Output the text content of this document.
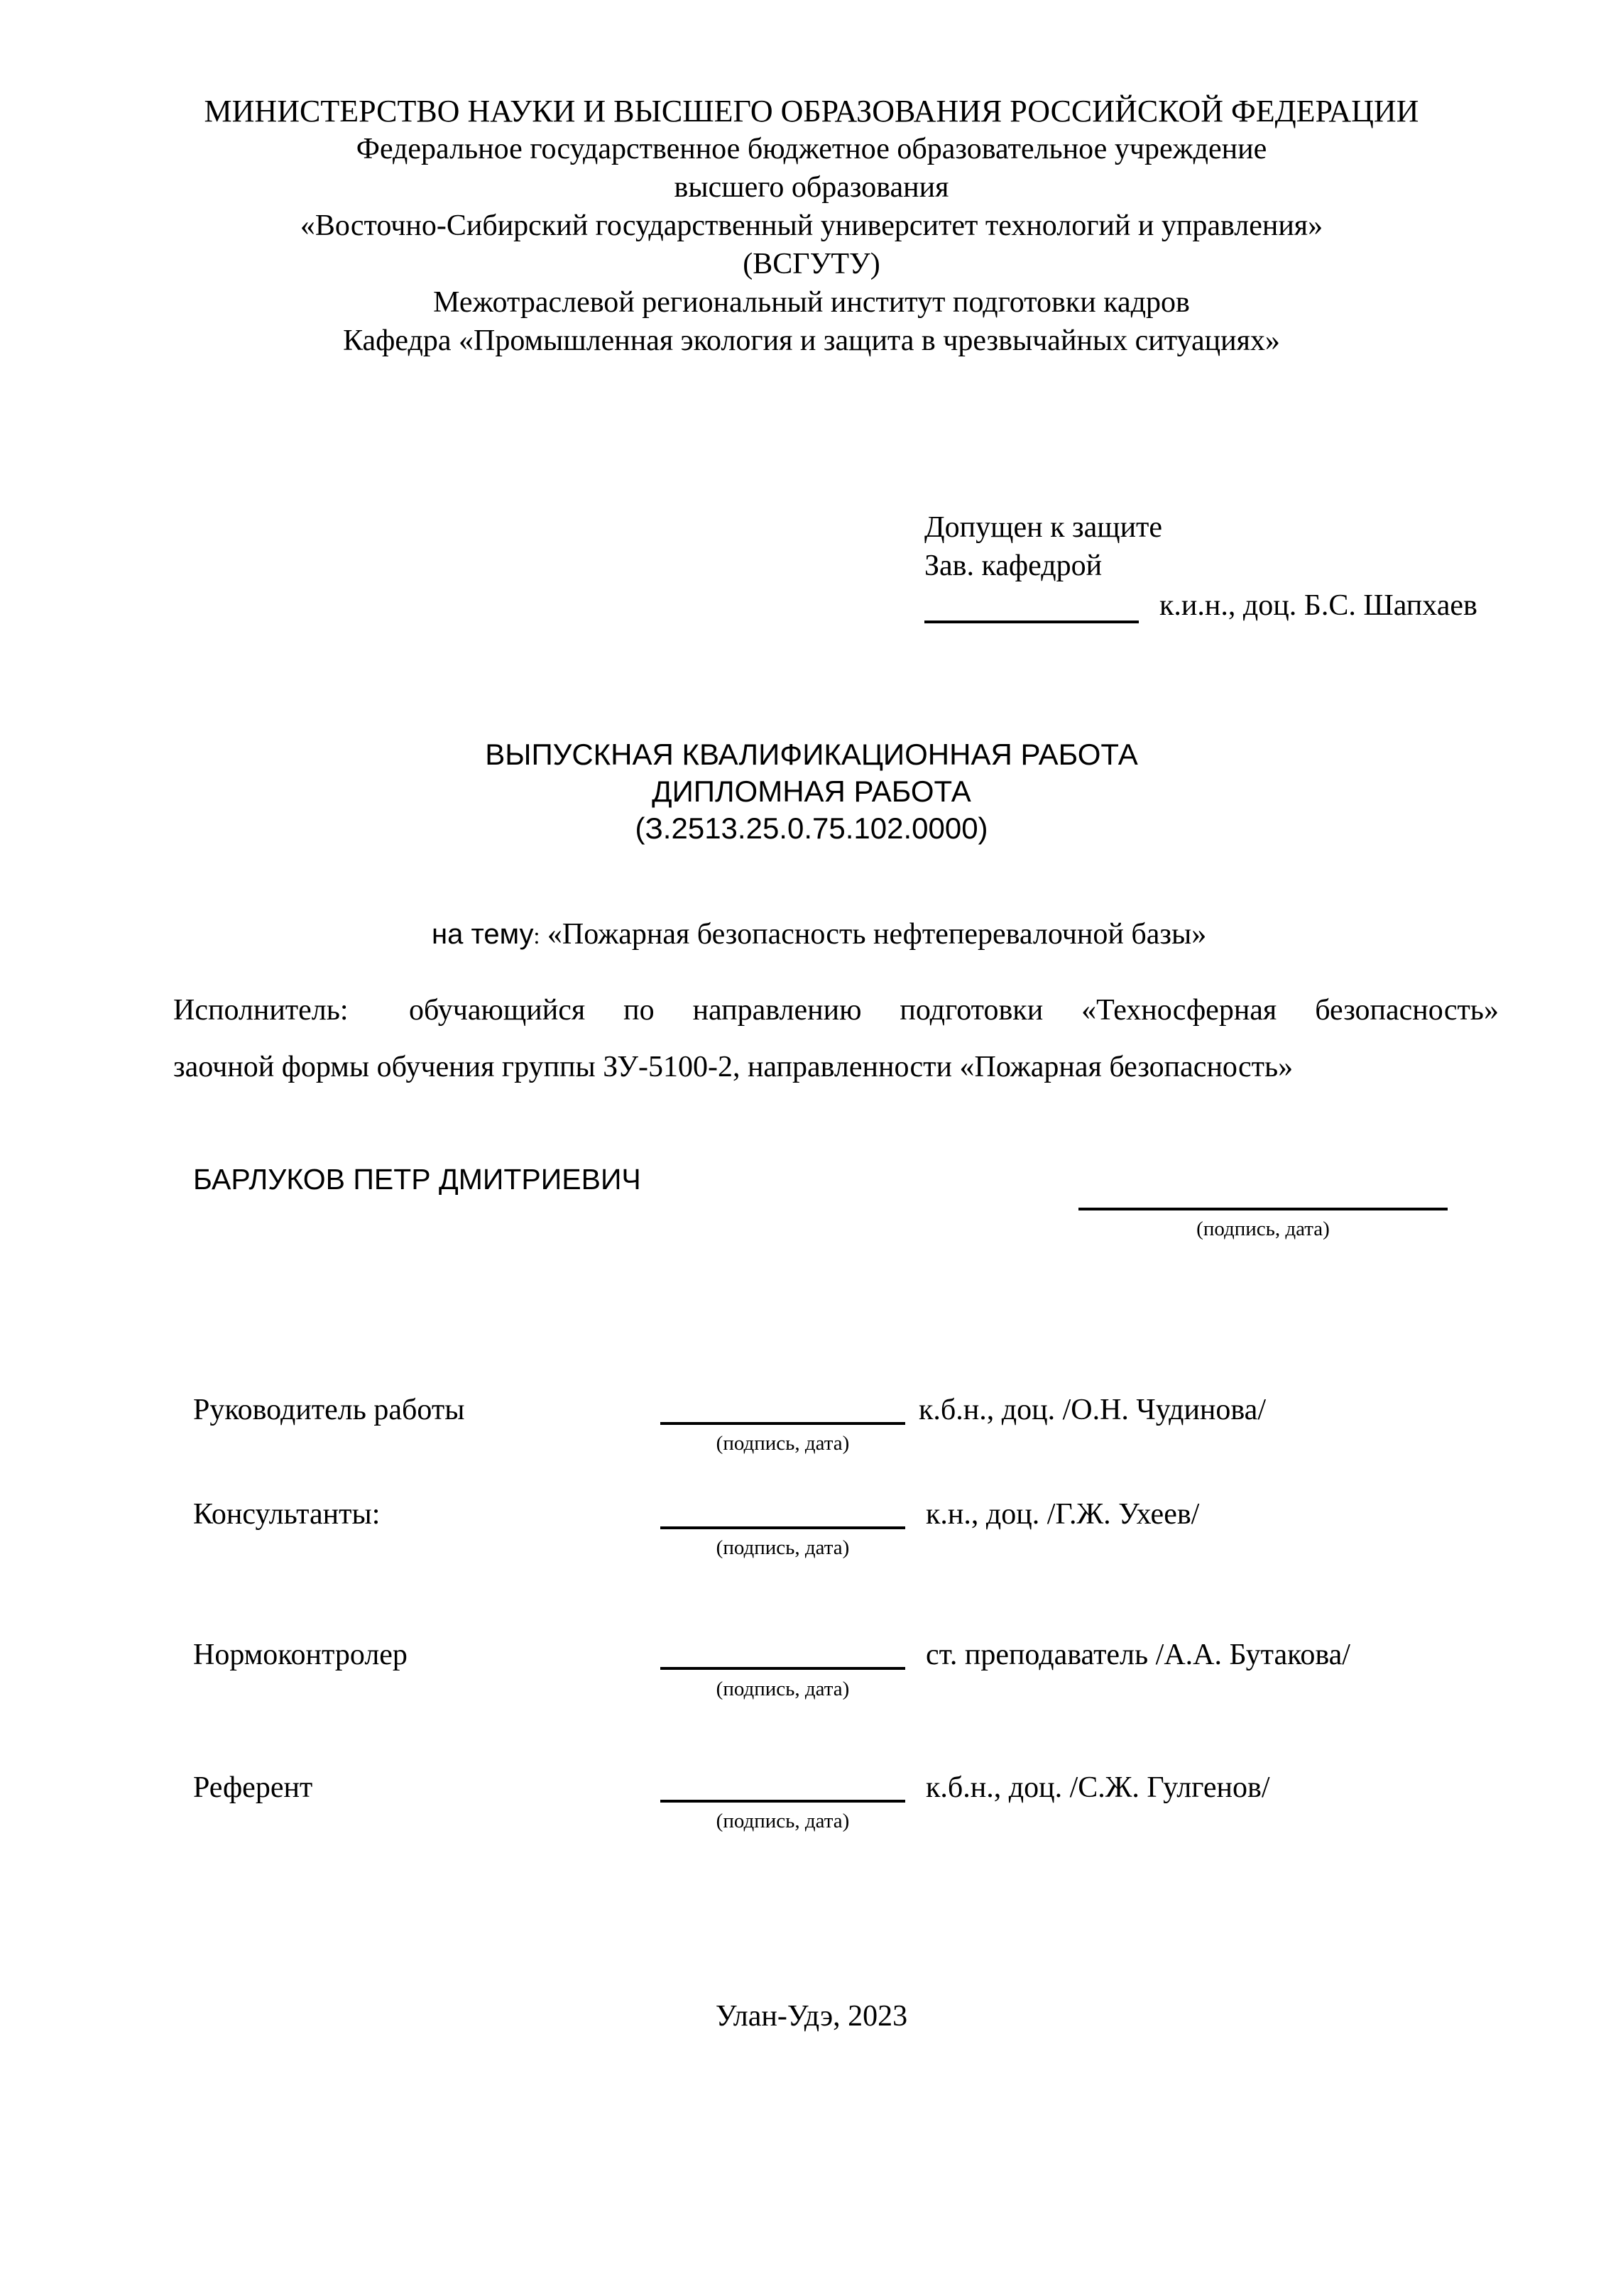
МИНИСТЕРСТВО НАУКИ И ВЫСШЕГО ОБРАЗОВАНИЯ РОССИЙСКОЙ ФЕДЕРАЦИИ
Федеральное государственное бюджетное образовательное учреждение
высшего образования
«Восточно-Сибирский государственный университет технологий и управления»
(ВСГУТУ)
Межотраслевой региональный институт подготовки кадров
Кафедра «Промышленная экология и защита в чрезвычайных ситуациях»
Допущен к защите
Зав. кафедрой
к.и.н., доц. Б.С. Шапхаев
ВЫПУСКНАЯ КВАЛИФИКАЦИОННАЯ РАБОТА
ДИПЛОМНАЯ РАБОТА
(З.2513.25.0.75.102.0000)
на тему: «Пожарная безопасность нефтеперевалочной базы»
Исполнитель: обучающийся по направлению подготовки «Техносферная безопасность»
заочной формы обучения группы ЗУ-5100-2, направленности «Пожарная безопасность»
БАРЛУКОВ ПЕТР ДМИТРИЕВИЧ
(подпись, дата)
Руководитель работы	к.б.н., доц. /О.Н. Чудинова/
(подпись, дата)
Консультанты:	к.н., доц. /Г.Ж. Ухеев/
(подпись, дата)
Нормоконтролер	ст. преподаватель /А.А. Бутакова/
(подпись, дата)
Референт	к.б.н., доц. /С.Ж. Гулгенов/
(подпись, дата)
Улан-Удэ, 2023
